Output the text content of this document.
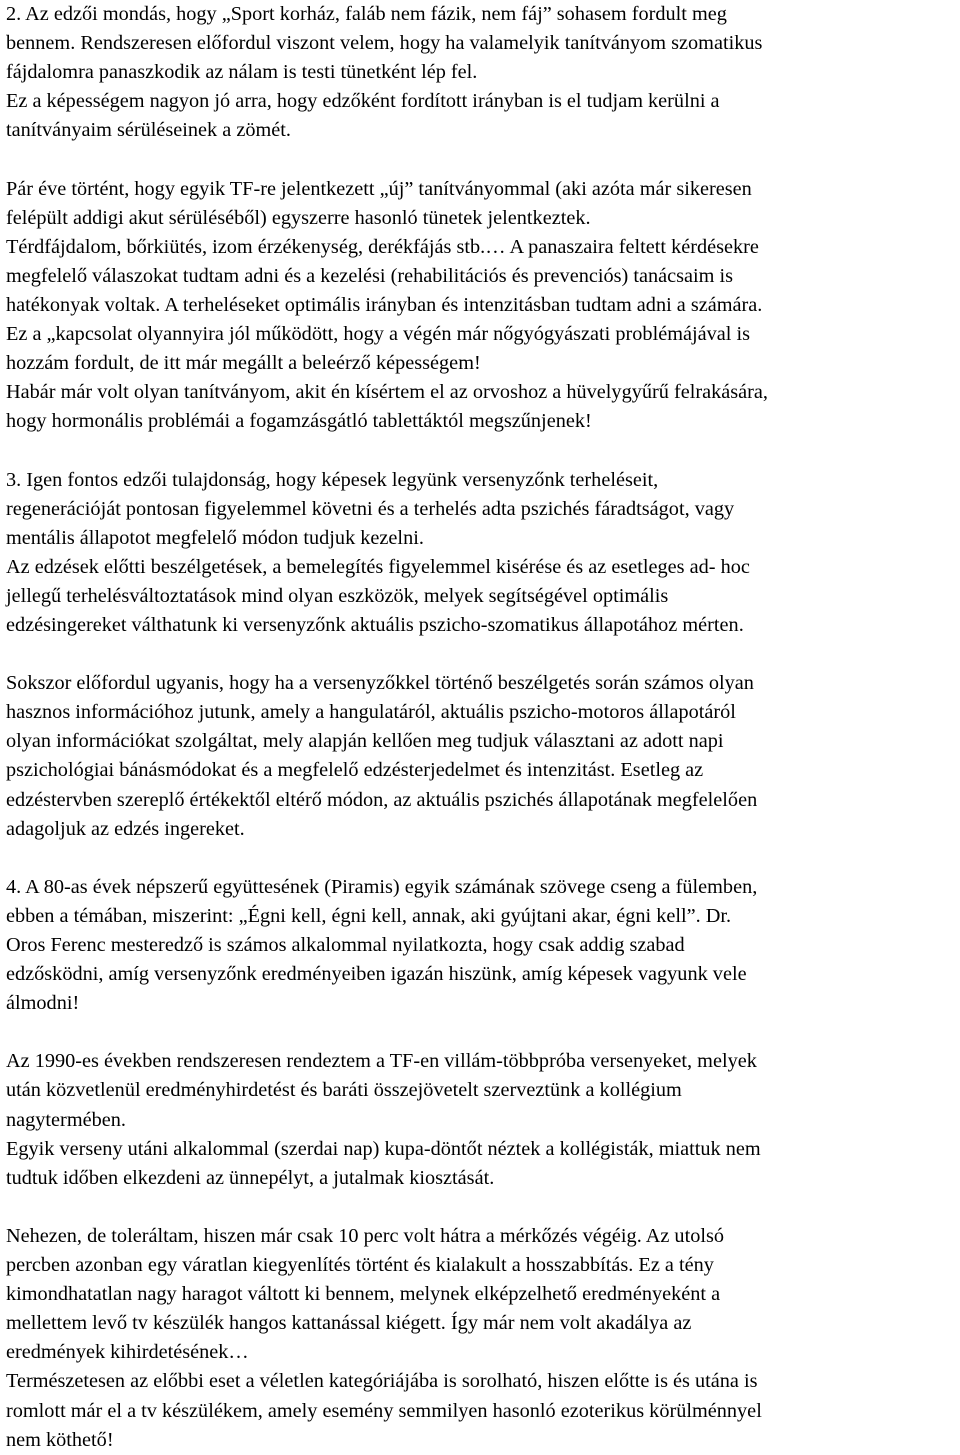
2. Az edzői mondás, hogy „Sport korház, faláb nem fázik, nem fáj” sohasem fordult meg
bennem. Rendszeresen előfordul viszont velem, hogy ha valamelyik tanítványom szomatikus
fájdalomra panaszkodik az nálam is testi tünetként lép fel.
Ez a képességem nagyon jó arra, hogy edzőként fordított irányban is el tudjam kerülni a
tanítványaim sérüléseinek a zömét.
Pár éve történt, hogy egyik TF-re jelentkezett „új” tanítványommal (aki azóta már sikeresen
felépült addigi akut sérüléséből) egyszerre hasonló tünetek jelentkeztek.
Térdfájdalom, bőrkiütés, izom érzékenység, derékfájás stb.… A panaszaira feltett kérdésekre
megfelelő válaszokat tudtam adni és a kezelési (rehabilitációs és prevenciós) tanácsaim is
hatékonyak voltak. A terheléseket optimális irányban és intenzitásban tudtam adni a számára.
Ez a „kapcsolat olyannyira jól működött, hogy a végén már nőgyógyászati problémájával is
hozzám fordult, de itt már megállt a beleérző képességem!
Habár már volt olyan tanítványom, akit én kísértem el az orvoshoz a hüvelygyűrű felrakására,
hogy hormonális problémái a fogamzásgátló tablettáktól megszűnjenek!
3. Igen fontos edzői tulajdonság, hogy képesek legyünk versenyzőnk terheléseit,
regenerációját pontosan figyelemmel követni és a terhelés adta pszichés fáradtságot, vagy
mentális állapotot megfelelő módon tudjuk kezelni.
Az edzések előtti beszélgetések, a bemelegítés figyelemmel kisérése és az esetleges ad- hoc
jellegű terhelésváltoztatások mind olyan eszközök, melyek segítségével optimális
edzésingereket válthatunk ki versenyzőnk aktuális pszicho-szomatikus állapotához mérten.
Sokszor előfordul ugyanis, hogy ha a versenyzőkkel történő beszélgetés során számos olyan
hasznos információhoz jutunk, amely a hangulatáról, aktuális pszicho-motoros állapotáról
olyan információkat szolgáltat, mely alapján kellően meg tudjuk választani az adott napi
pszichológiai bánásmódokat és a megfelelő edzésterjedelmet és intenzitást. Esetleg az
edzéstervben szereplő értékektől eltérő módon, az aktuális pszichés állapotának megfelelően
adagoljuk az edzés ingereket.
4. A 80-as évek népszerű együttesének (Piramis) egyik számának szövege cseng a fülemben,
ebben a témában, miszerint: „Égni kell, égni kell, annak, aki gyújtani akar, égni kell”. Dr.
Oros Ferenc mesteredző is számos alkalommal nyilatkozta, hogy csak addig szabad
edzősködni, amíg versenyzőnk eredményeiben igazán hiszünk, amíg képesek vagyunk vele
álmodni!
Az 1990-es években rendszeresen rendeztem a TF-en villám-többpróba versenyeket, melyek
után közvetlenül eredményhirdetést és baráti összejövetelt szerveztünk a kollégium
nagytermében.
Egyik verseny utáni alkalommal (szerdai nap) kupa-döntőt néztek a kollégisták, miattuk nem
tudtuk időben elkezdeni az ünnepélyt, a jutalmak kiosztását.
Nehezen, de toleráltam, hiszen már csak 10 perc volt hátra a mérkőzés végéig. Az utolsó
percben azonban egy váratlan kiegyenlítés történt és kialakult a hosszabbítás. Ez a tény
kimondhatatlan nagy haragot váltott ki bennem, melynek elképzelhető eredményeként a
mellettem levő tv készülék hangos kattanással kiégett. Így már nem volt akadálya az
eredmények kihirdetésének…
Természetesen az előbbi eset a véletlen kategóriájába is sorolható, hiszen előtte is és utána is
romlott már el a tv készülékem, amely esemény semmilyen hasonló ezoterikus körülménnyel
nem köthető!
